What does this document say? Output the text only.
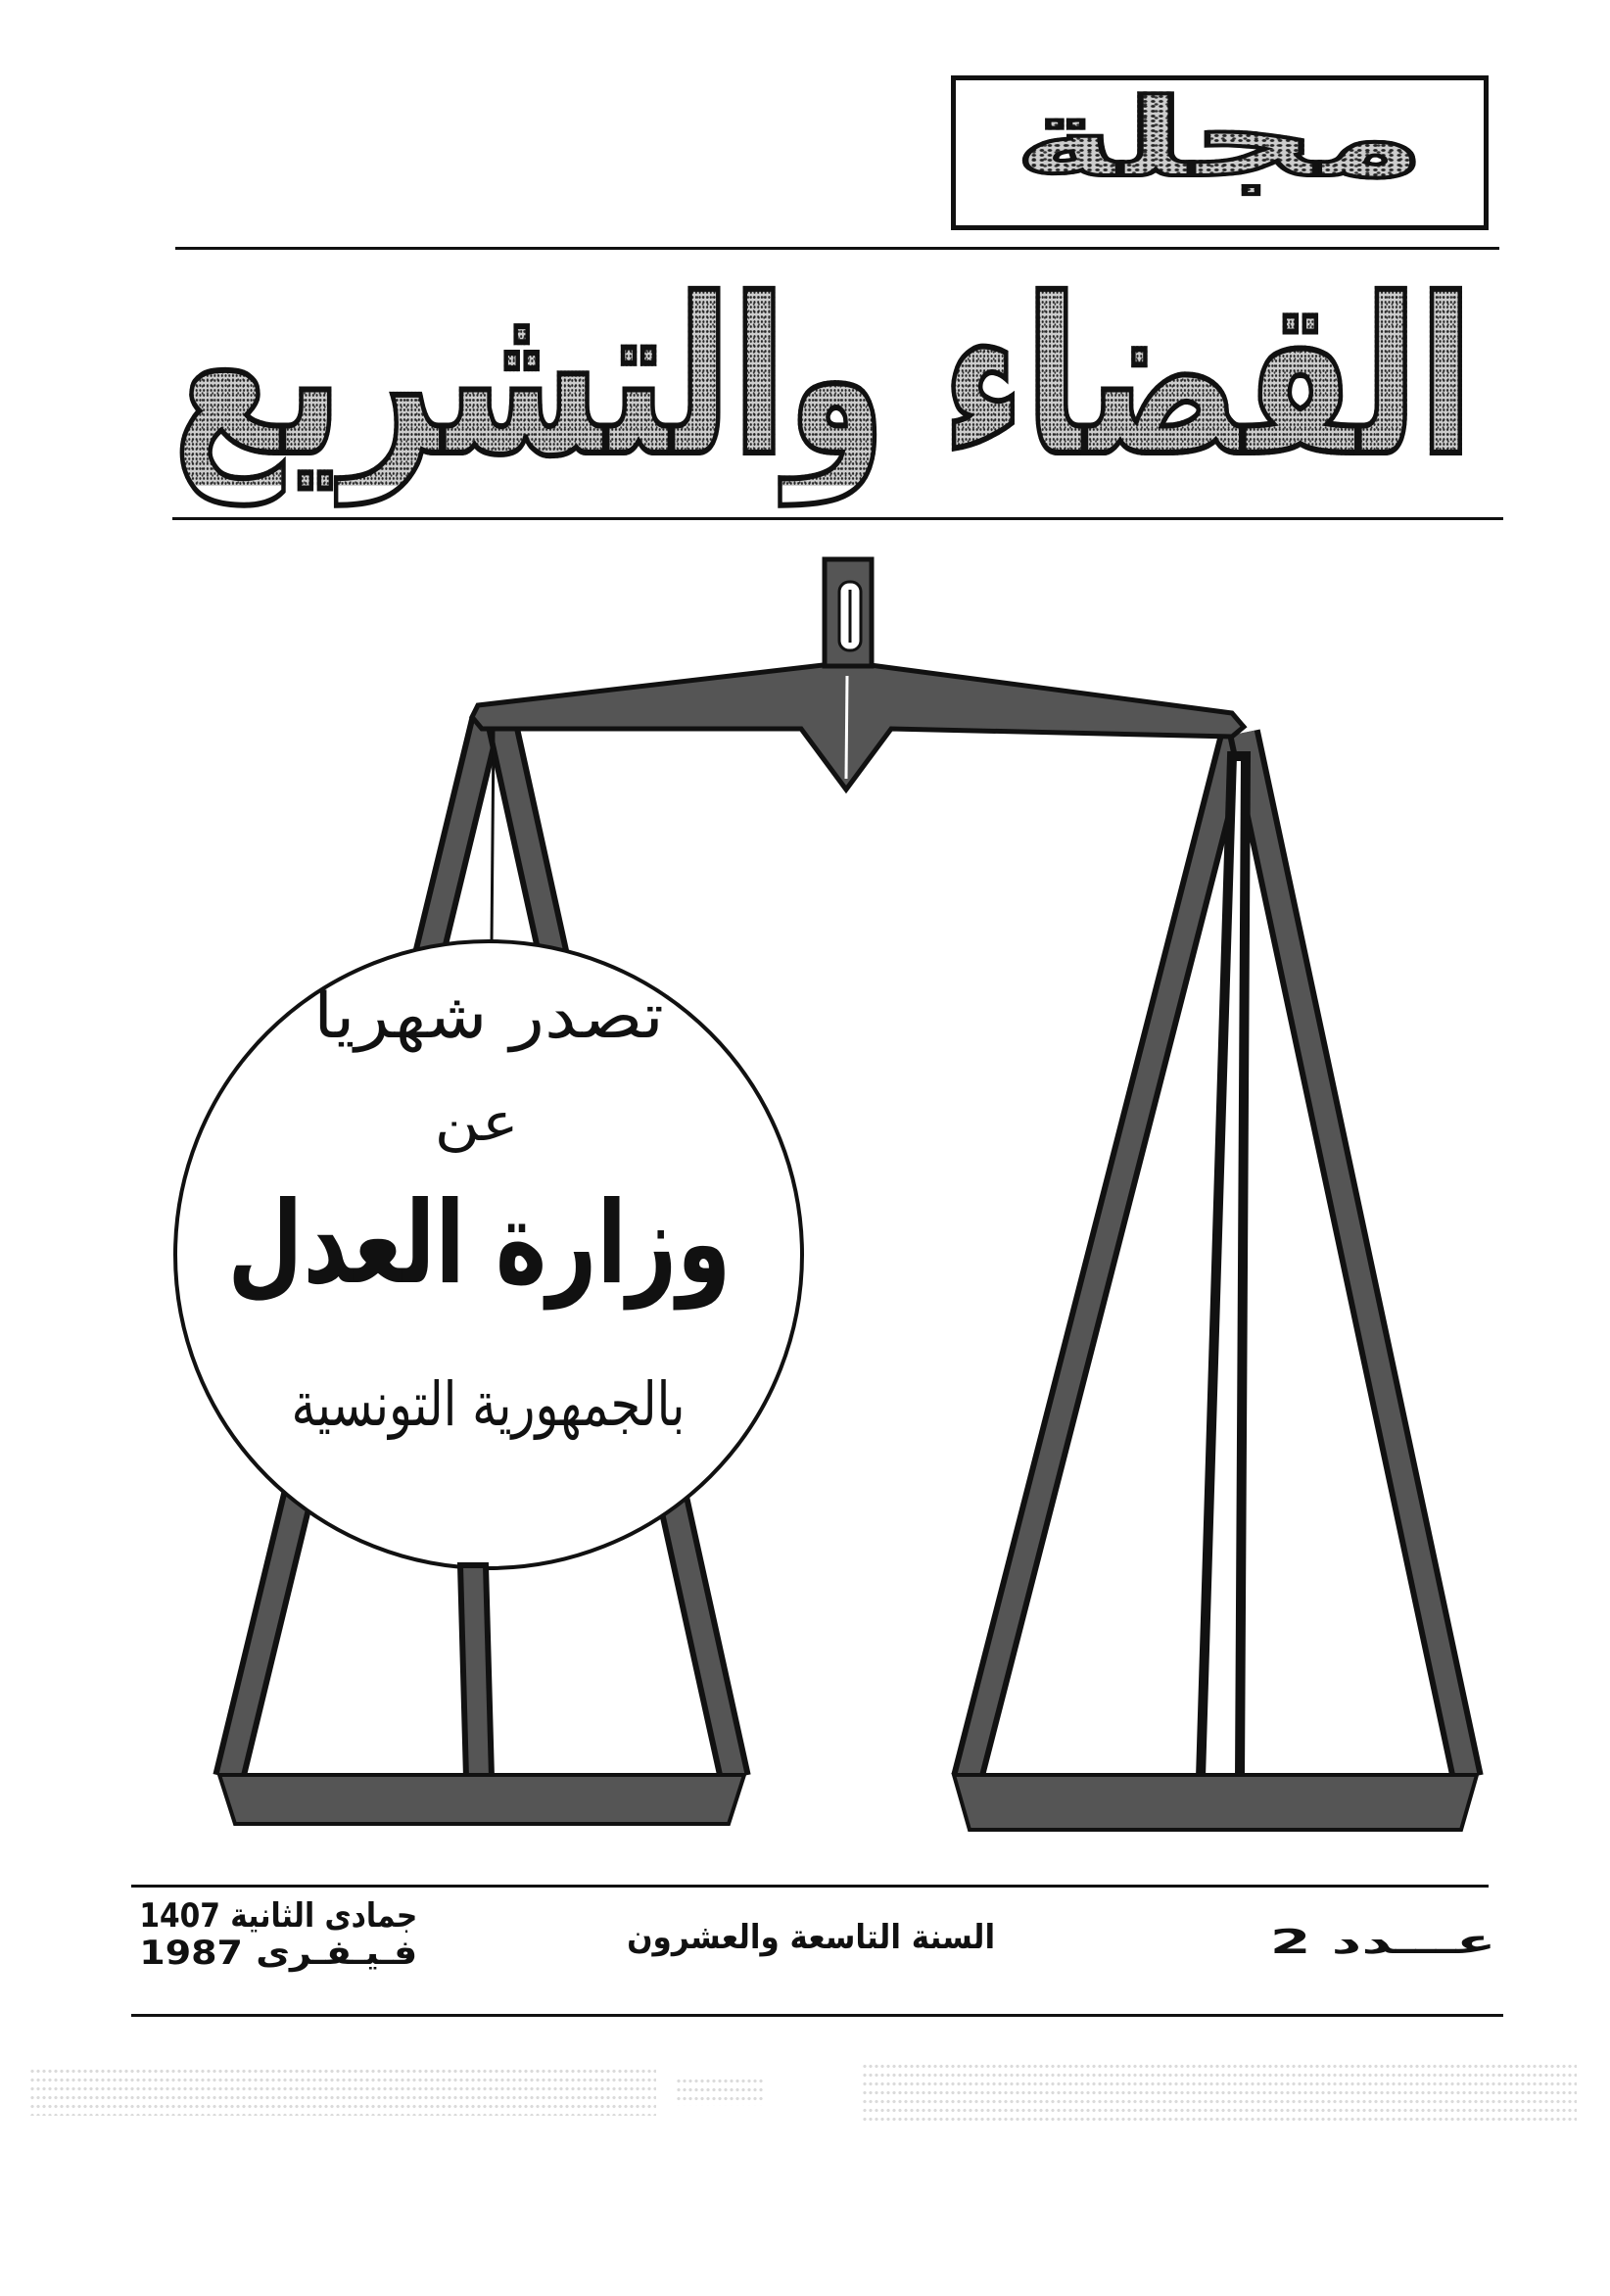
مجلة
القضاء والتشريع
تصدر شهريا
عن
وزارة العدل
بالجمهورية التونسية
جمادى الثانية 1407
فـيـفـرى 1987	السنة التاسعة والعشرون	عـــدد 2
